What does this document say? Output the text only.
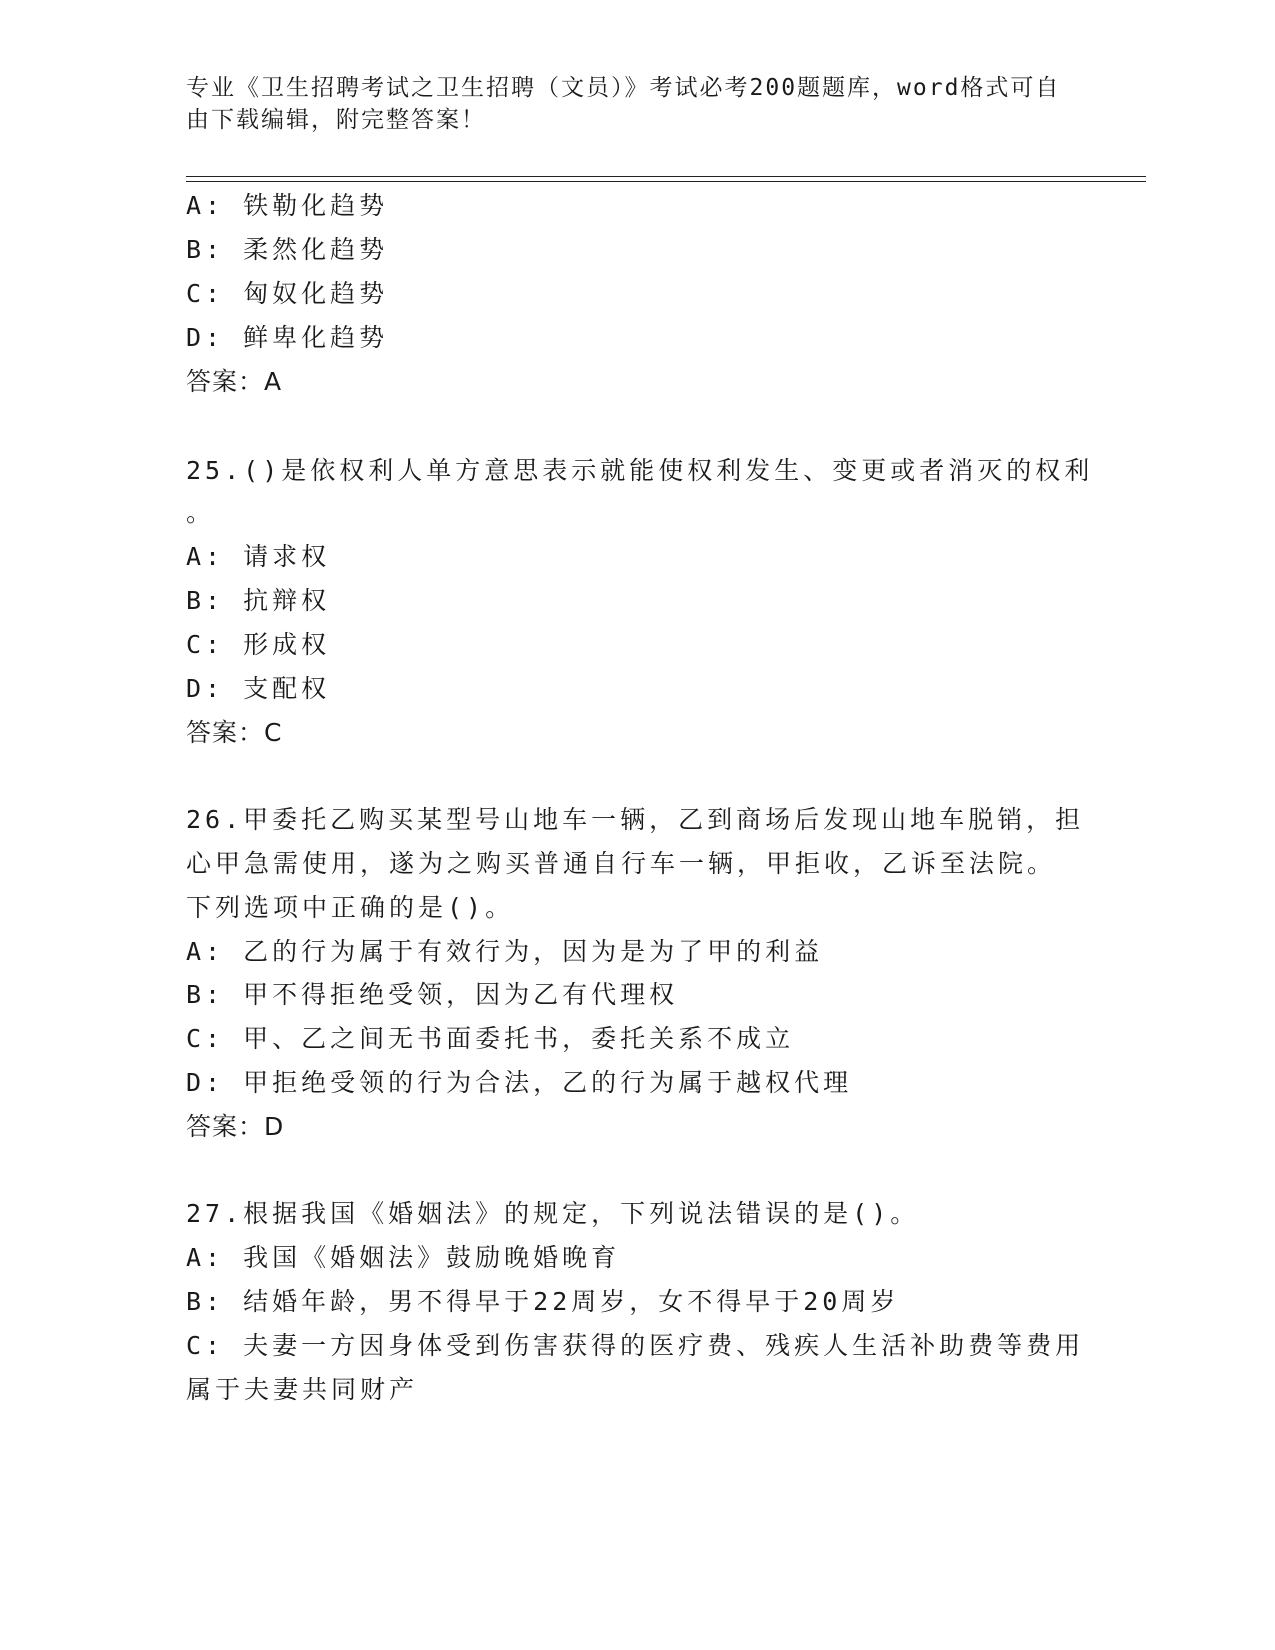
专业《卫生招聘考试之卫生招聘（文员）》考试必考200题题库，word格式可自
由下载编辑，附完整答案！
A: 铁勒化趋势
B: 柔然化趋势
C: 匈奴化趋势
D: 鲜卑化趋势
答案：A
25.()是依权利人单方意思表示就能使权利发生、变更或者消灭的权利
。
A: 请求权
B: 抗辩权
C: 形成权
D: 支配权
答案：C
26.甲委托乙购买某型号山地车一辆，乙到商场后发现山地车脱销，担
心甲急需使用，遂为之购买普通自行车一辆，甲拒收，乙诉至法院。
下列选项中正确的是()。
A: 乙的行为属于有效行为，因为是为了甲的利益
B: 甲不得拒绝受领，因为乙有代理权
C: 甲、乙之间无书面委托书，委托关系不成立
D: 甲拒绝受领的行为合法，乙的行为属于越权代理
答案：D
27.根据我国《婚姻法》的规定，下列说法错误的是()。
A: 我国《婚姻法》鼓励晚婚晚育
B: 结婚年龄，男不得早于22周岁，女不得早于20周岁
C: 夫妻一方因身体受到伤害获得的医疗费、残疾人生活补助费等费用
属于夫妻共同财产
